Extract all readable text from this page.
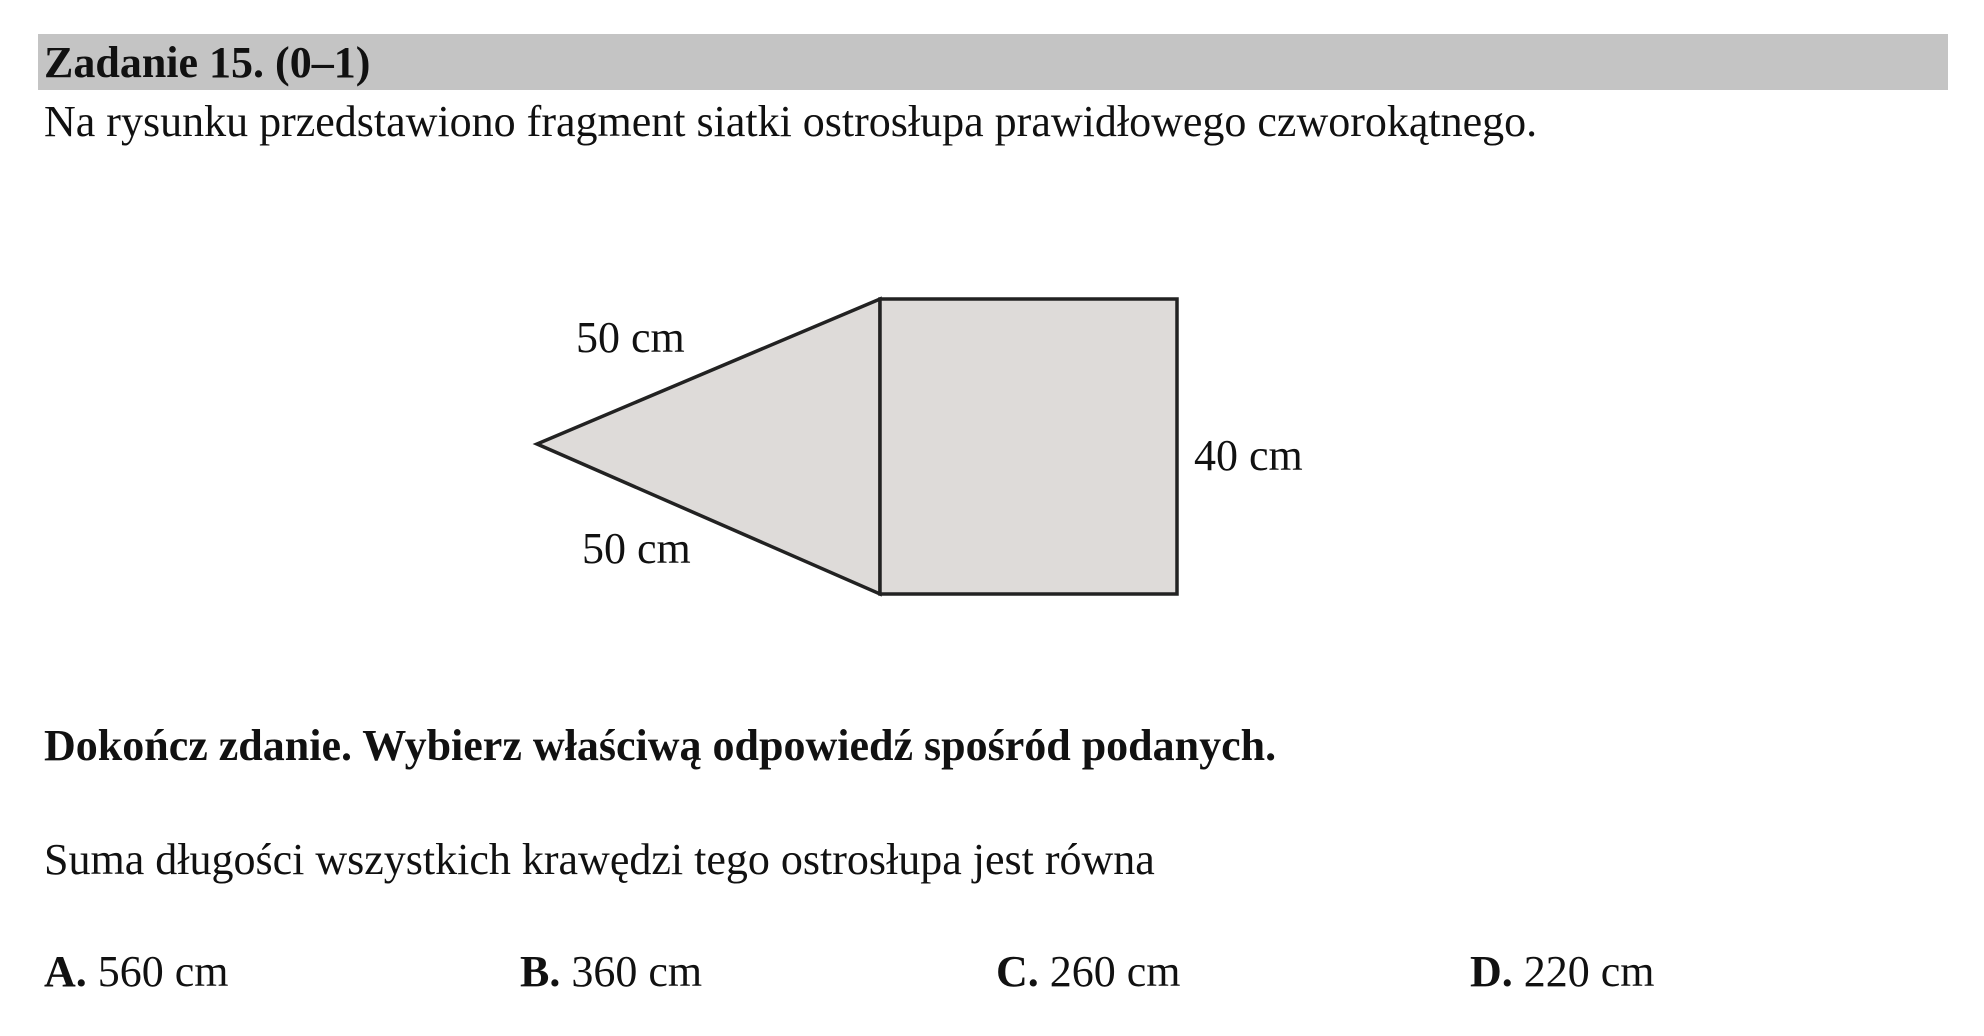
Zadanie 15. (0–1)
Na rysunku przedstawiono fragment siatki ostrosłupa prawidłowego czworokątnego.
50 cm
50 cm
40 cm
Dokończ zdanie. Wybierz właściwą odpowiedź spośród podanych.
Suma długości wszystkich krawędzi tego ostrosłupa jest równa
A. 560 cm	B. 360 cm	C. 260 cm	D. 220 cm
